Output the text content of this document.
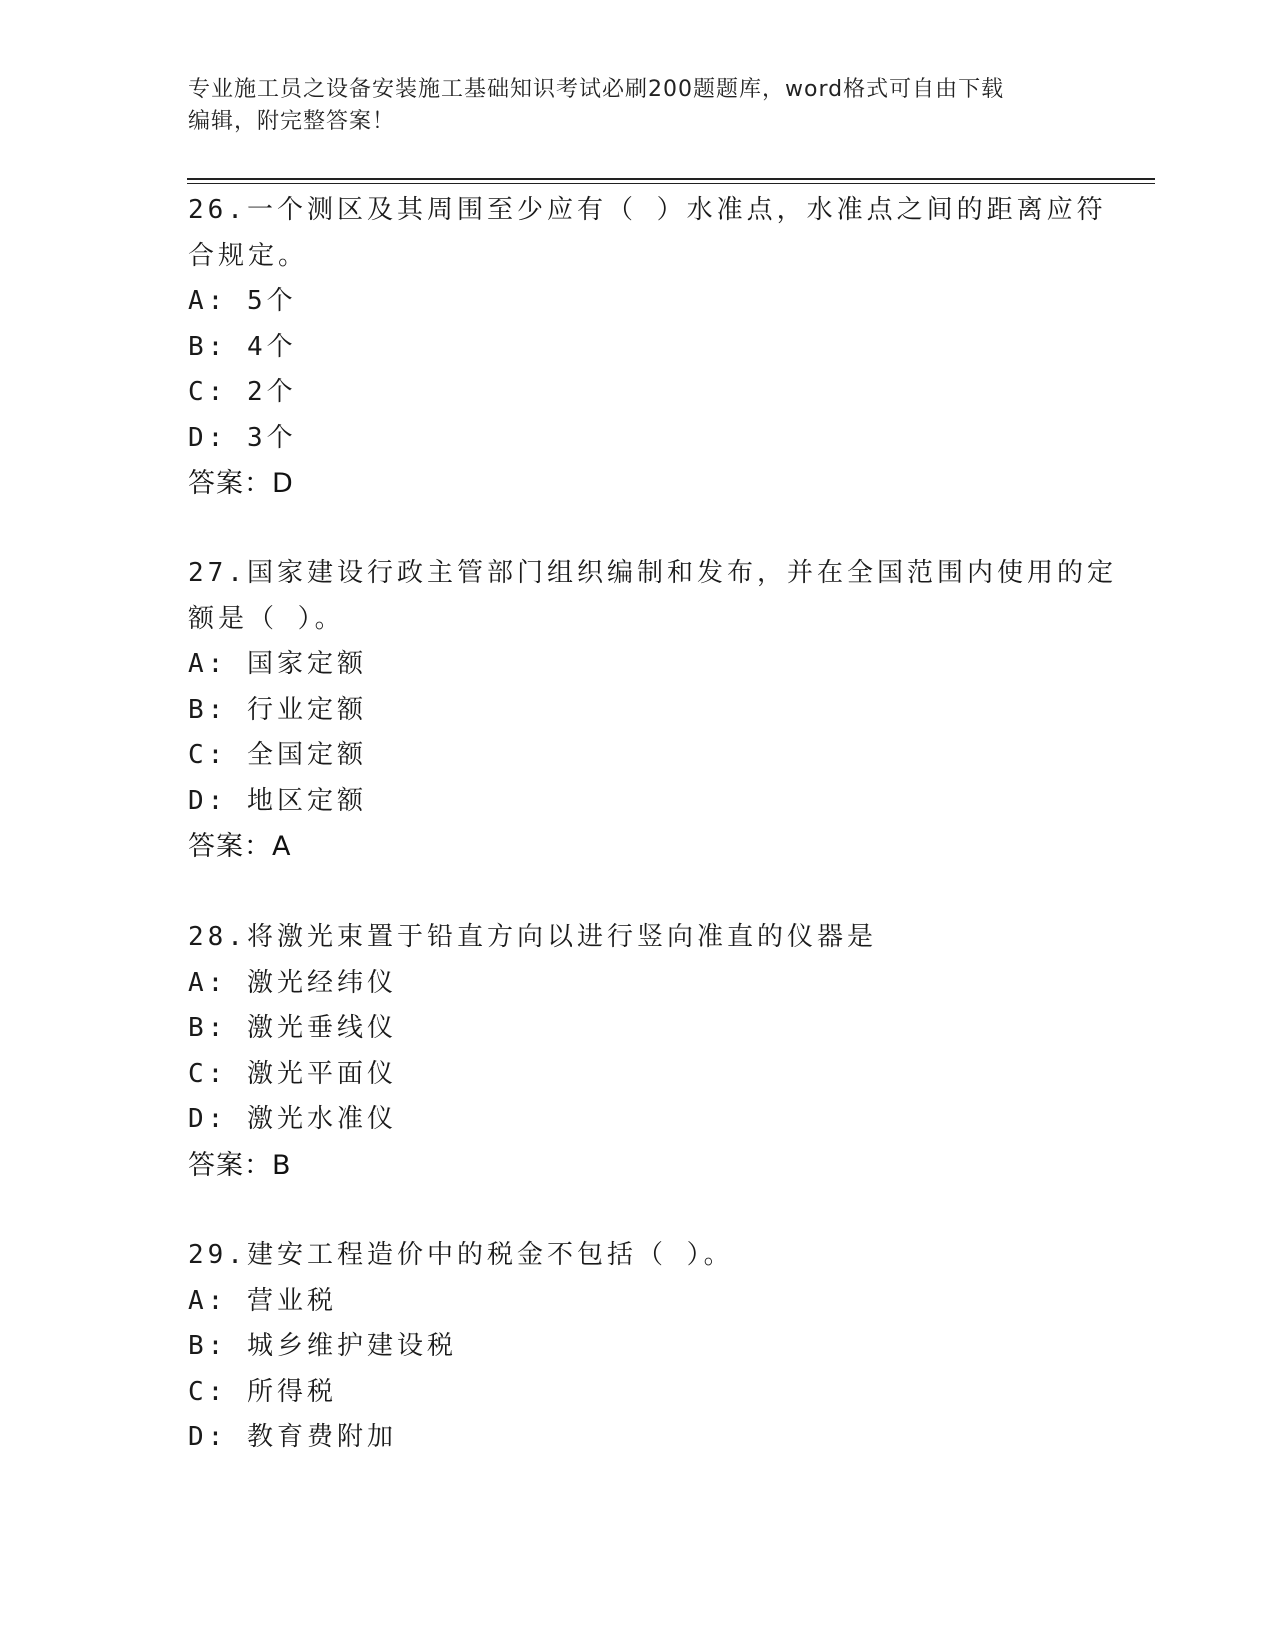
专业施工员之设备安装施工基础知识考试必刷200题题库，word格式可自由下载
编辑，附完整答案！
26.一个测区及其周围至少应有（ ）水准点，水准点之间的距离应符
合规定。
A: 5个
B: 4个
C: 2个
D: 3个
答案：D
27.国家建设行政主管部门组织编制和发布，并在全国范围内使用的定
额是（ ）。
A: 国家定额
B: 行业定额
C: 全国定额
D: 地区定额
答案：A
28.将激光束置于铅直方向以进行竖向准直的仪器是
A: 激光经纬仪
B: 激光垂线仪
C: 激光平面仪
D: 激光水准仪
答案：B
29.建安工程造价中的税金不包括（ ）。
A: 营业税
B: 城乡维护建设税
C: 所得税
D: 教育费附加
